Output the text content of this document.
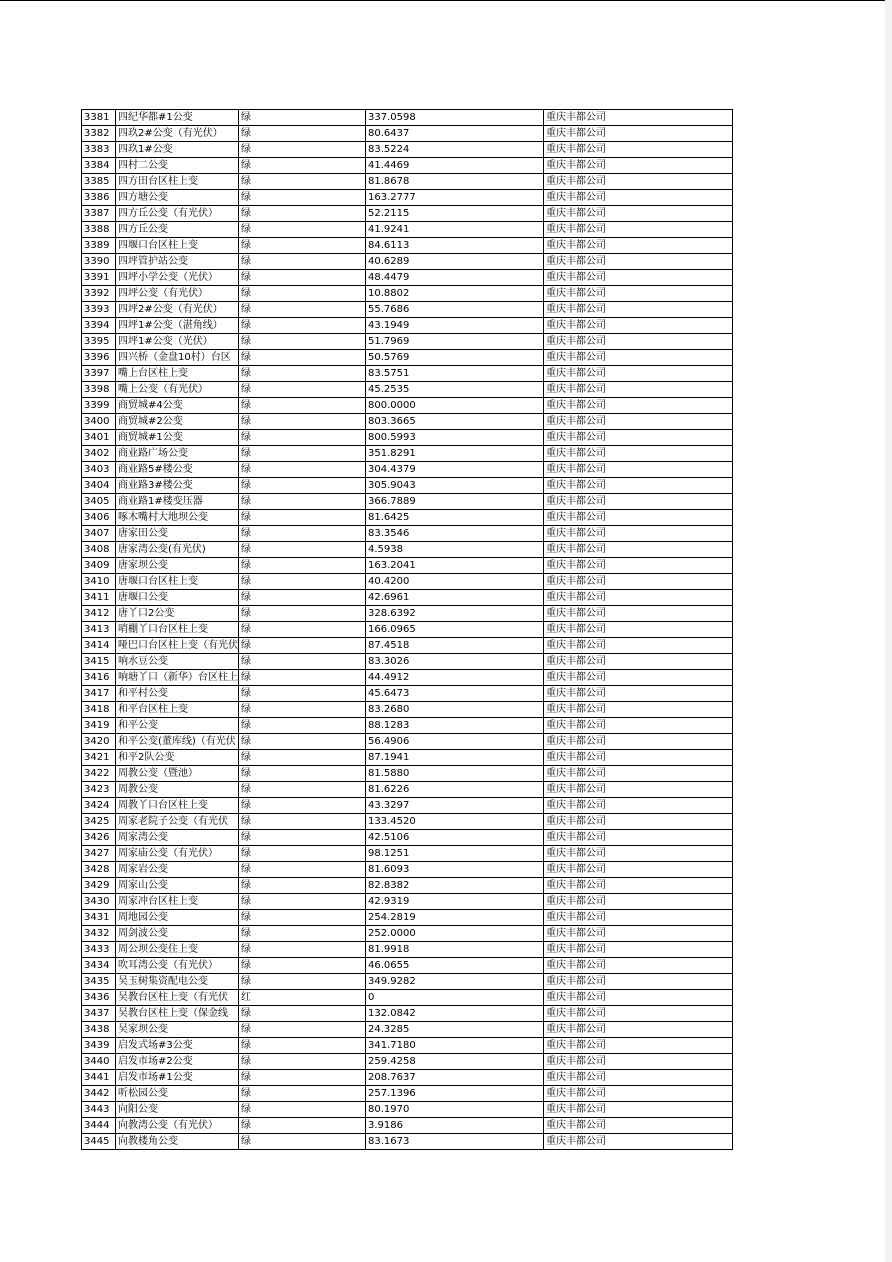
3381	四纪华都#1公变	绿	337.0598	重庆丰都公司
3382	四玖2#公变（有光伏）	绿	80.6437	重庆丰都公司
3383	四玖1#公变	绿	83.5224	重庆丰都公司
3384	四村二公变	绿	41.4469	重庆丰都公司
3385	四方田台区柱上变	绿	81.8678	重庆丰都公司
3386	四方塘公变	绿	163.2777	重庆丰都公司
3387	四方丘公变（有光伏）	绿	52.2115	重庆丰都公司
3388	四方丘公变	绿	41.9241	重庆丰都公司
3389	四堰口台区柱上变	绿	84.6113	重庆丰都公司
3390	四坪管护站公变	绿	40.6289	重庆丰都公司
3391	四坪小学公变（光伏）	绿	48.4479	重庆丰都公司
3392	四坪公变（有光伏）	绿	10.8802	重庆丰都公司
3393	四坪2#公变（有光伏）	绿	55.7686	重庆丰都公司
3394	四坪1#公变（湛角线）	绿	43.1949	重庆丰都公司
3395	四坪1#公变（光伏）	绿	51.7969	重庆丰都公司
3396	四兴桥（金盘10村）台区	绿	50.5769	重庆丰都公司
3397	嘴上台区柱上变	绿	83.5751	重庆丰都公司
3398	嘴上公变（有光伏）	绿	45.2535	重庆丰都公司
3399	商贸城#4公变	绿	800.0000	重庆丰都公司
3400	商贸城#2公变	绿	803.3665	重庆丰都公司
3401	商贸城#1公变	绿	800.5993	重庆丰都公司
3402	商业路广场公变	绿	351.8291	重庆丰都公司
3403	商业路5#楼公变	绿	304.4379	重庆丰都公司
3404	商业路3#楼公变	绿	305.9043	重庆丰都公司
3405	商业路1#楼变压器	绿	366.7889	重庆丰都公司
3406	啄木嘴村大地坝公变	绿	81.6425	重庆丰都公司
3407	唐家田公变	绿	83.3546	重庆丰都公司
3408	唐家湾公变(有光伏)	绿	4.5938	重庆丰都公司
3409	唐家坝公变	绿	163.2041	重庆丰都公司
3410	唐堰口台区柱上变	绿	40.4200	重庆丰都公司
3411	唐堰口公变	绿	42.6961	重庆丰都公司
3412	唐丫口2公变	绿	328.6392	重庆丰都公司
3413	哨棚丫口台区柱上变	绿	166.0965	重庆丰都公司
3414	哑巴口台区柱上变（有光伏	绿	87.4518	重庆丰都公司
3415	响水豆公变	绿	83.3026	重庆丰都公司
3416	响塘丫口（新华）台区柱上	绿	44.4912	重庆丰都公司
3417	和平村公变	绿	45.6473	重庆丰都公司
3418	和平台区柱上变	绿	83.2680	重庆丰都公司
3419	和平公变	绿	88.1283	重庆丰都公司
3420	和平公变(董库线)（有光伏	绿	56.4906	重庆丰都公司
3421	和平2队公变	绿	87.1941	重庆丰都公司
3422	周教公变（暨池）	绿	81.5880	重庆丰都公司
3423	周教公变	绿	81.6226	重庆丰都公司
3424	周教丫口台区柱上变	绿	43.3297	重庆丰都公司
3425	周家老院子公变（有光伏	绿	133.4520	重庆丰都公司
3426	周家湾公变	绿	42.5106	重庆丰都公司
3427	周家庙公变（有光伏）	绿	98.1251	重庆丰都公司
3428	周家岩公变	绿	81.6093	重庆丰都公司
3429	周家山公变	绿	82.8382	重庆丰都公司
3430	周家冲台区柱上变	绿	42.9319	重庆丰都公司
3431	周地园公变	绿	254.2819	重庆丰都公司
3432	周剑波公变	绿	252.0000	重庆丰都公司
3433	周公坝公变住上变	绿	81.9918	重庆丰都公司
3434	吹耳湾公变（有光伏）	绿	46.0655	重庆丰都公司
3435	吴玉树集资配电公变	绿	349.9282	重庆丰都公司
3436	吴教台区柱上变（有光伏	红	0	重庆丰都公司
3437	吴教台区柱上变（保金线	绿	132.0842	重庆丰都公司
3438	吴家坝公变	绿	24.3285	重庆丰都公司
3439	启发式场#3公变	绿	341.7180	重庆丰都公司
3440	启发市场#2公变	绿	259.4258	重庆丰都公司
3441	启发市场#1公变	绿	208.7637	重庆丰都公司
3442	听松园公变	绿	257.1396	重庆丰都公司
3443	向阳公变	绿	80.1970	重庆丰都公司
3444	向教湾公变（有光伏）	绿	3.9186	重庆丰都公司
3445	向教楼角公变	绿	83.1673	重庆丰都公司
